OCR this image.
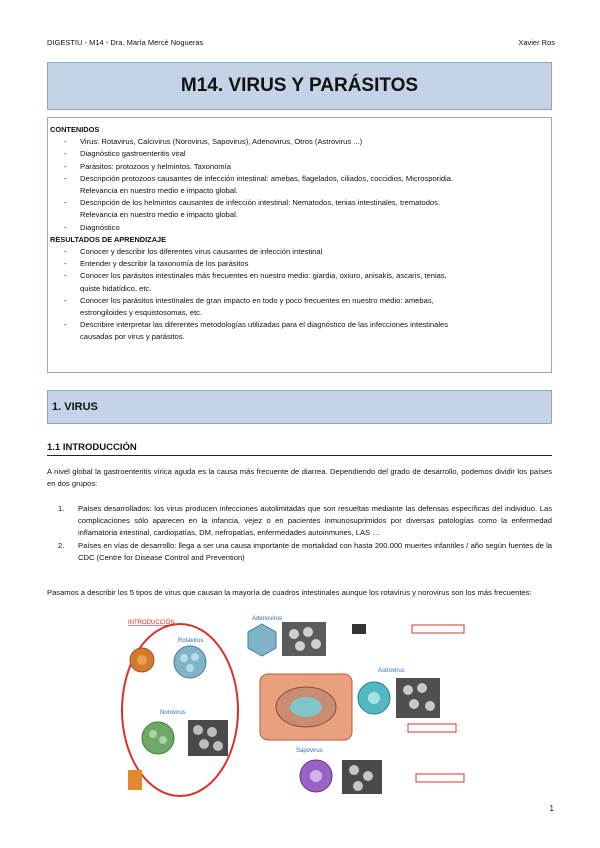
DIGESTIU - M14 - Dra. María Mercè Nogueras	Xavier Ros
M14. VIRUS Y PARÁSITOS
CONTENIDOS
- Virus: Rotavirus, Calcivirus (Norovirus, Sapovirus), Adenovirus, Otros (Astrovirus ...)
- Diagnóstico gastroenteritis viral
- Parásitos: protozoos y helmintos. Taxonomía
- Descripción protozoos causantes de infección intestinal: amebas, flagelados, ciliados, coccidios, Microsporidia.
Relevancia en nuestro medio e impacto global.
- Descripción de los helmintos causantes de infección intestinal: Nematodos, tenias intestinales, trematodos.
Relevancia en nuestro medio e impacto global.
- Diagnóstico
RESULTADOS DE APRENDIZAJE
- Conocer y describir los diferentes virus causantes de infección intestinal
- Entender y describir la taxonomía de los parásitos
- Conocer los parásitos intestinales más frecuentes en nuestro medio: giardia, oxiuro, anisakis, ascaris, tenias,
quiste hidatídico, etc.
- Conocer los parásitos intestinales de gran impacto en todo y poco frecuentes en nuestro medio: amebas,
estrongiloides y esquistosomas, etc.
- Describire interpretar las diferentes metodologías utilizadas para el diagnóstico de las infecciones intestinales
causadas por virus y parásitos.
1. VIRUS
1.1 INTRODUCCIÓN
A nivel global la gastroenteritis vírica aguda es la causa más frecuente de diarrea. Dependiendo del grado de desarrollo, podemos dividir los países en dos grupos:
1. Países desarrollados: los virus producen infecciones autolimitadas que son resueltas mediante las defensas específicas del individuo. Las complicaciones sólo aparecen en la infancia, vejez o en pacientes inmunosuprimidos por diversas patologías como la enfermedad inflamatoria intestinal, cardiopatías, DM, nefropatías, enfermedades autoinmunes, LAS …
2. Países en vías de desarrollo: llega a ser una causa importante de mortalidad con hasta 200.000 muertes infantiles / año según fuentes de la CDC (Centre for Disease Control and Prevention)
Pasamos a describir los 5 tipos de virus que causan la mayoría de cuadros intestinales aunque los rotavirus y norovirus son los más frecuentes:
INTRODUCCIÓN
Rotavirus
Norovirus
Adenovirus
Astrovirus
Sapovirus
1
